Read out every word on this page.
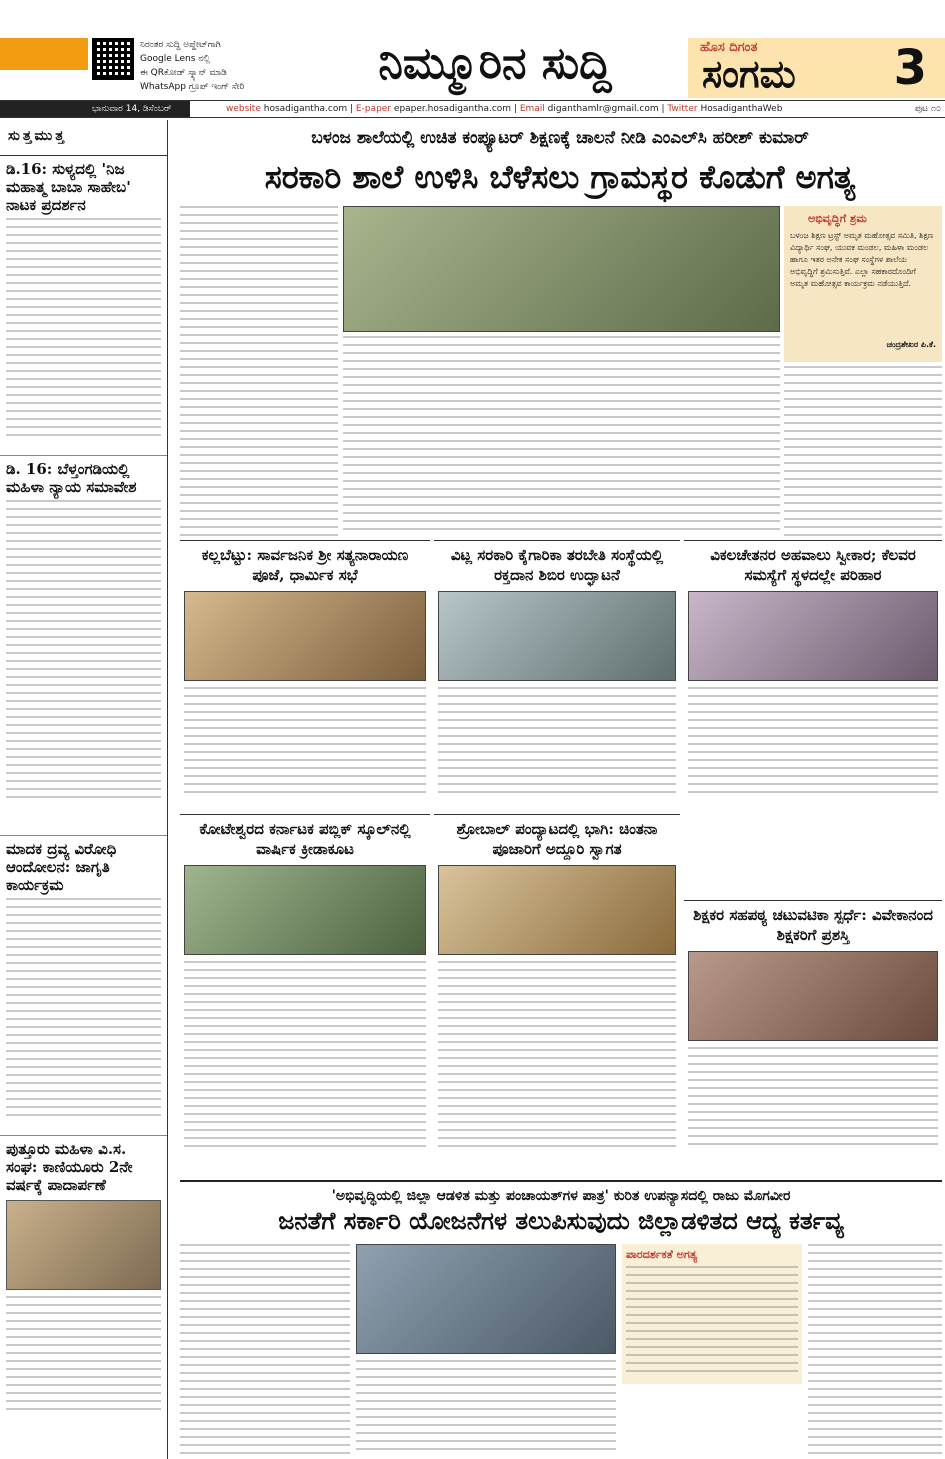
ನಿರಂತರ ಸುದ್ದಿ ಅಪ್ಡೇಟ್‌ಗಾಗಿ
Google Lens ನಲ್ಲಿ
ಈ QRಕೋಡ್ ಸ್ಕ್ಯಾನ್ ಮಾಡಿ
WhatsApp ಗ್ರೂಪ್ ಇಂಗ್ ಸೇರಿ	ನಿಮ್ಮೂರಿನ ಸುದ್ದಿ	ಹೊಸ ದಿಗಂತ
ಸಂಗಮ 3
ಭಾನುವಾರ 14, ಡಿಸೆಂಬರ್ 2025
website hosadigantha.com | E-paper epaper.hosadigantha.com | Email diganthamlr@gmail.com | Twitter HosadiganthaWeb	ಪುಟ ೧೦
ಸುತ್ತಮುತ್ತ
ಡಿ.16: ಸುಳ್ಯದಲ್ಲಿ 'ನಿಜ ಮಹಾತ್ಮ ಬಾಬಾ ಸಾಹೇಬ' ನಾಟಕ ಪ್ರದರ್ಶನ
ಡಿ. 16: ಬೆಳ್ತಂಗಡಿಯಲ್ಲಿ ಮಹಿಳಾ ನ್ಯಾಯ ಸಮಾವೇಶ
ಮಾದಕ ದ್ರವ್ಯ ವಿರೋಧಿ ಆಂದೋಲನ: ಜಾಗೃತಿ ಕಾರ್ಯಕ್ರಮ
ಪುತ್ತೂರು ಮಹಿಳಾ ವಿ.ಸ. ಸಂಘ: ಕಾಣಿಯೂರು 2ನೇ ವರ್ಷಕ್ಕೆ ಪಾದಾರ್ಪಣೆ
ಬಳಂಜ ಶಾಲೆಯಲ್ಲಿ ಉಚಿತ ಕಂಪ್ಯೂಟರ್ ಶಿಕ್ಷಣಕ್ಕೆ ಚಾಲನೆ ನೀಡಿ ಎಂಎಲ್‌ಸಿ ಹರೀಶ್ ಕುಮಾರ್
ಸರಕಾರಿ ಶಾಲೆ ಉಳಿಸಿ ಬೆಳೆಸಲು ಗ್ರಾಮಸ್ಥರ ಕೊಡುಗೆ ಅಗತ್ಯ
ಅಭಿವೃದ್ಧಿಗೆ ಶ್ರಮ
ಬಳಂಜ ಶಿಕ್ಷಣ ಟ್ರಸ್ಟ್ ಅಮೃತ ಮಹೋತ್ಸವ ಸಮಿತಿ, ಶಿಕ್ಷಣ ವಿದ್ಯಾರ್ಥಿ ಸಂಘ, ಯುವಕ ಮಂಡಲ, ಮಹಿಳಾ ಮಂಡಲ ಹಾಗೂ ಇತರ ಅನೇಕ ಸಂಘ ಸಂಸ್ಥೆಗಳ ಶಾಲೆಯ ಅಭಿವೃದ್ಧಿಗೆ ಶ್ರಮಿಸುತ್ತಿವೆ. ಎಲ್ಲಾ ಸಹಕಾರದೊಂದಿಗೆ ಅಮೃತ ಮಹೋತ್ಸವ ಕಾರ್ಯಕ್ರಮ ನಡೆಯುತ್ತಿದೆ.
ಚಂದ್ರಶೇಖರ ಪಿ.ಕೆ.
ಕಲ್ಲಬೆಟ್ಟು: ಸಾರ್ವಜನಿಕ ಶ್ರೀ ಸತ್ಯನಾರಾಯಣ ಪೂಜೆ, ಧಾರ್ಮಿಕ ಸಭೆ
ವಿಟ್ಲ ಸರಕಾರಿ ಕೈಗಾರಿಕಾ ತರಬೇತಿ ಸಂಸ್ಥೆಯಲ್ಲಿ ರಕ್ತದಾನ ಶಿಬಿರ ಉದ್ಘಾಟನೆ
ವಿಕಲಚೇತನರ ಅಹವಾಲು ಸ್ವೀಕಾರ; ಕೆಲವರ ಸಮಸ್ಯೆಗೆ ಸ್ಥಳದಲ್ಲೇ ಪರಿಹಾರ
ಕೋಟೇಶ್ವರದ ಕರ್ನಾಟಕ ಪಬ್ಲಿಕ್ ಸ್ಕೂಲ್‌ನಲ್ಲಿ ವಾರ್ಷಿಕ ಕ್ರೀಡಾಕೂಟ
ಶ್ರೋಬಾಲ್ ಪಂದ್ಯಾಟದಲ್ಲಿ ಭಾಗಿ: ಚಿಂತನಾ ಪೂಜಾರಿಗೆ ಅದ್ದೂರಿ ಸ್ವಾಗತ
ಶಿಕ್ಷಕರ ಸಹಪಠ್ಯ ಚಟುವಟಿಕಾ ಸ್ಪರ್ಧೆ: ವಿವೇಕಾನಂದ ಶಿಕ್ಷಕರಿಗೆ ಪ್ರಶಸ್ತಿ
'ಅಭಿವೃದ್ಧಿಯಲ್ಲಿ ಜಿಲ್ಲಾ ಆಡಳಿತ ಮತ್ತು ಪಂಚಾಯತ್‌ಗಳ ಪಾತ್ರ' ಕುರಿತ ಉಪನ್ಯಾಸದಲ್ಲಿ ರಾಜು ಮೊಗವೀರ
ಜನತೆಗೆ ಸರ್ಕಾರಿ ಯೋಜನೆಗಳ ತಲುಪಿಸುವುದು ಜಿಲ್ಲಾಡಳಿತದ ಆದ್ಯ ಕರ್ತವ್ಯ
ಪಾರದರ್ಶಕತೆ ಅಗತ್ಯ
